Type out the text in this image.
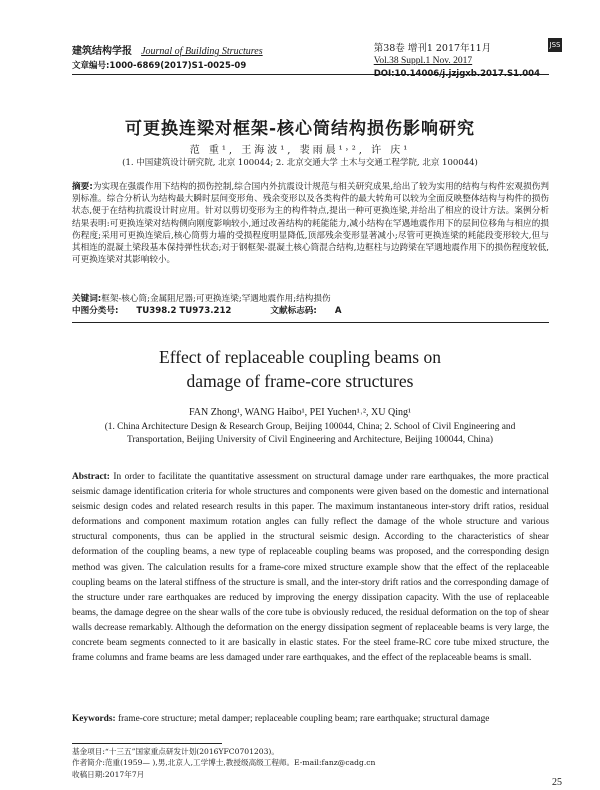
建筑结构学报 Journal of Building Structures
文章编号:1000-6869(2017)S1-0025-09
第38卷 增刊1 2017年11月
Vol.38 Suppl.1 Nov. 2017
DOI:10.14006/j.jzjgxb.2017.S1.004
JSS
可更换连梁对框架-核心筒结构损伤影响研究
范 重¹, 王海波¹, 裴雨晨¹˒², 许 庆¹
(1. 中国建筑设计研究院, 北京 100044; 2. 北京交通大学 土木与交通工程学院, 北京 100044)
摘要:为实现在强震作用下结构的损伤控制,综合国内外抗震设计规范与相关研究成果,给出了较为实用的结构与构件宏观损伤判别标准。综合分析认为结构最大瞬时层间变形角、残余变形以及各类构件的最大转角可以较为全面反映整体结构与构件的损伤状态,便于在结构抗震设计时应用。针对以剪切变形为主的构件特点,提出一种可更换连梁,并给出了相应的设计方法。案例分析结果表明:可更换连梁对结构侧向刚度影响较小,通过改善结构的耗能能力,减小结构在罕遇地震作用下的层间位移角与相应的损伤程度;采用可更换连梁后,核心筒剪力墙的受损程度明显降低,顶部残余变形显著减小;尽管可更换连梁的耗能段变形较大,但与其相连的混凝土梁段基本保持弹性状态;对于钢框架-混凝土核心筒混合结构,边框柱与边跨梁在罕遇地震作用下的损伤程度较低,可更换连梁对其影响较小。
关键词:框架-核心筒;金属阻尼器;可更换连梁;罕遇地震作用;结构损伤
中图分类号: TU398.2 TU973.212	文献标志码: A
Effect of replaceable coupling beams on damage of frame-core structures
FAN Zhong¹, WANG Haibo¹, PEI Yuchen¹˒², XU Qing¹
(1. China Architecture Design & Research Group, Beijing 100044, China; 2. School of Civil Engineering and Transportation, Beijing University of Civil Engineering and Architecture, Beijing 100044, China)
Abstract: In order to facilitate the quantitative assessment on structural damage under rare earthquakes, the more practical seismic damage identification criteria for whole structures and components were given based on the domestic and international seismic design codes and related research results in this paper. The maximum instantaneous inter-story drift ratios, residual deformations and component maximum rotation angles can fully reflect the damage of the whole structure and various structural components, thus can be applied in the structural seismic design. According to the characteristics of shear deformation of the coupling beams, a new type of replaceable coupling beams was proposed, and the corresponding design method was given. The calculation results for a frame-core mixed structure example show that the effect of the replaceable coupling beams on the lateral stiffness of the structure is small, and the inter-story drift ratios and the corresponding damage of the structure under rare earthquakes are reduced by improving the energy dissipation capacity. With the use of replaceable beams, the damage degree on the shear walls of the core tube is obviously reduced, the residual deformation on the top of shear walls decrease remarkably. Although the deformation on the energy dissipation segment of replaceable beams is very large, the concrete beam segments connected to it are basically in elastic states. For the steel frame-RC core tube mixed structure, the frame columns and frame beams are less damaged under rare earthquakes, and the effect of the replaceable beams is small.
Keywords: frame-core structure; metal damper; replaceable coupling beam; rare earthquake; structural damage
基金项目:“十三五”国家重点研发计划(2016YFC0701203)。
作者简介:范重(1959— ),男,北京人,工学博士,教授级高级工程师。E-mail:fanz@cadg.cn
收稿日期:2017年7月
25
